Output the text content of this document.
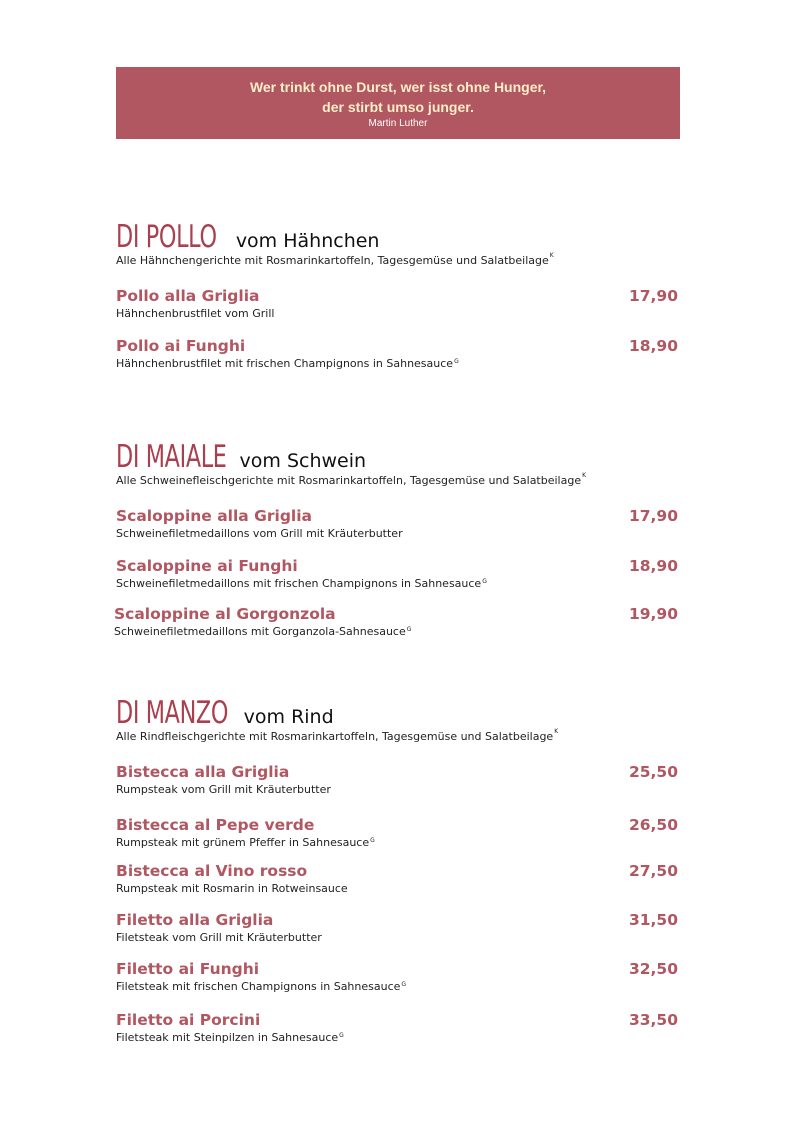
Wer trinkt ohne Durst, wer isst ohne Hunger,
der stirbt umso junger.
Martin Luther
DI POLLO vom Hähnchen
Alle Hähnchengerichte mit Rosmarinkartoffeln, Tagesgemüse und Salatbeilage$^K$
Pollo alla Griglia	17,90
Hähnchenbrustfilet vom Grill
Pollo ai Funghi	18,90
Hähnchenbrustfilet mit frischen Champignons in Sahnesauce$^G$
DI MAIALE vom Schwein
Alle Schweinefleischgerichte mit Rosmarinkartoffeln, Tagesgemüse und Salatbeilage$^K$
Scaloppine alla Griglia	17,90
Schweinefiletmedaillons vom Grill mit Kräuterbutter
Scaloppine ai Funghi	18,90
Schweinefiletmedaillons mit frischen Champignons in Sahnesauce$^G$
Scaloppine al Gorgonzola	19,90
Schweinefiletmedaillons mit Gorganzola-Sahnesauce$^G$
DI MANZO vom Rind
Alle Rindfleischgerichte mit Rosmarinkartoffeln, Tagesgemüse und Salatbeilage$^K$
Bistecca alla Griglia	25,50
Rumpsteak vom Grill mit Kräuterbutter
Bistecca al Pepe verde	26,50
Rumpsteak mit grünem Pfeffer in Sahnesauce$^G$
Bistecca al Vino rosso	27,50
Rumpsteak mit Rosmarin in Rotweinsauce
Filetto alla Griglia	31,50
Filetsteak vom Grill mit Kräuterbutter
Filetto ai Funghi	32,50
Filetsteak mit frischen Champignons in Sahnesauce$^G$
Filetto ai Porcini	33,50
Filetsteak mit Steinpilzen in Sahnesauce$^G$
